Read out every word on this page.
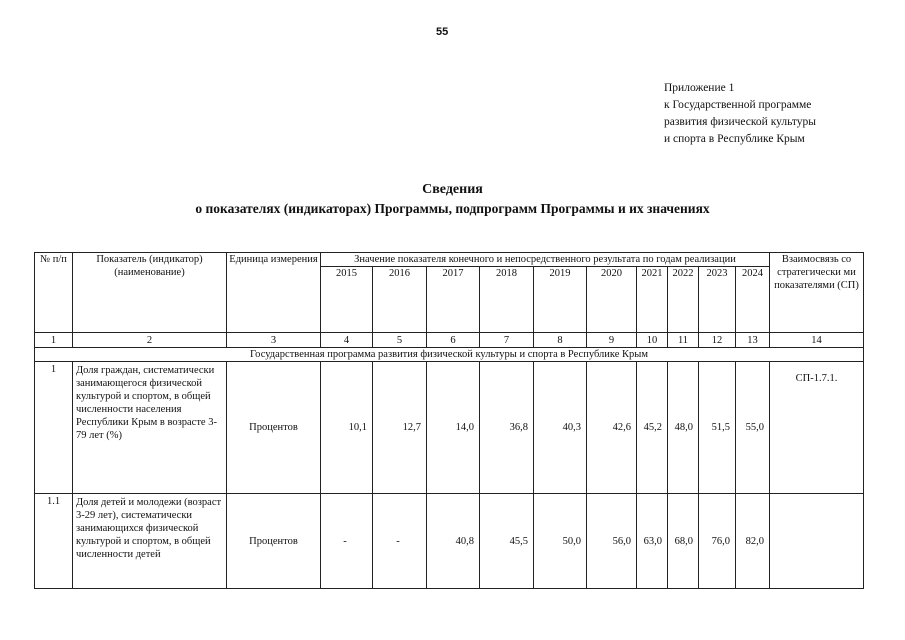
55
Приложение 1
к Государственной программе
развития физической культуры
и спорта в Республике Крым
Сведения
о показателях (индикаторах) Программы, подпрограмм Программы и их значениях
№ п/п	Показатель (индикатор) (наименование)	Единица измерения	Значение показателя конечного и непосредственного результата по годам реализации										Взаимосвязь со стратегически ми показателями (СП)
			2015	2016	2017	2018	2019	2020	2021	2022	2023	2024	
1	2	3	4	5	6	7	8	9	10	11	12	13	14
Государственная программа развития физической культуры и спорта в Республике Крым													
1	Доля граждан, систематически занимающегося физической культурой и спортом, в общей численности населения Республики Крым в возрасте 3-79 лет (%)	Процентов	10,1	12,7	14,0	36,8	40,3	42,6	45,2	48,0	51,5	55,0	СП-1.7.1.
1.1	Доля детей и молодежи (возраст 3-29 лет), систематически занимающихся физической культурой и спортом, в общей численности детей	Процентов	-	-	40,8	45,5	50,0	56,0	63,0	68,0	76,0	82,0	
